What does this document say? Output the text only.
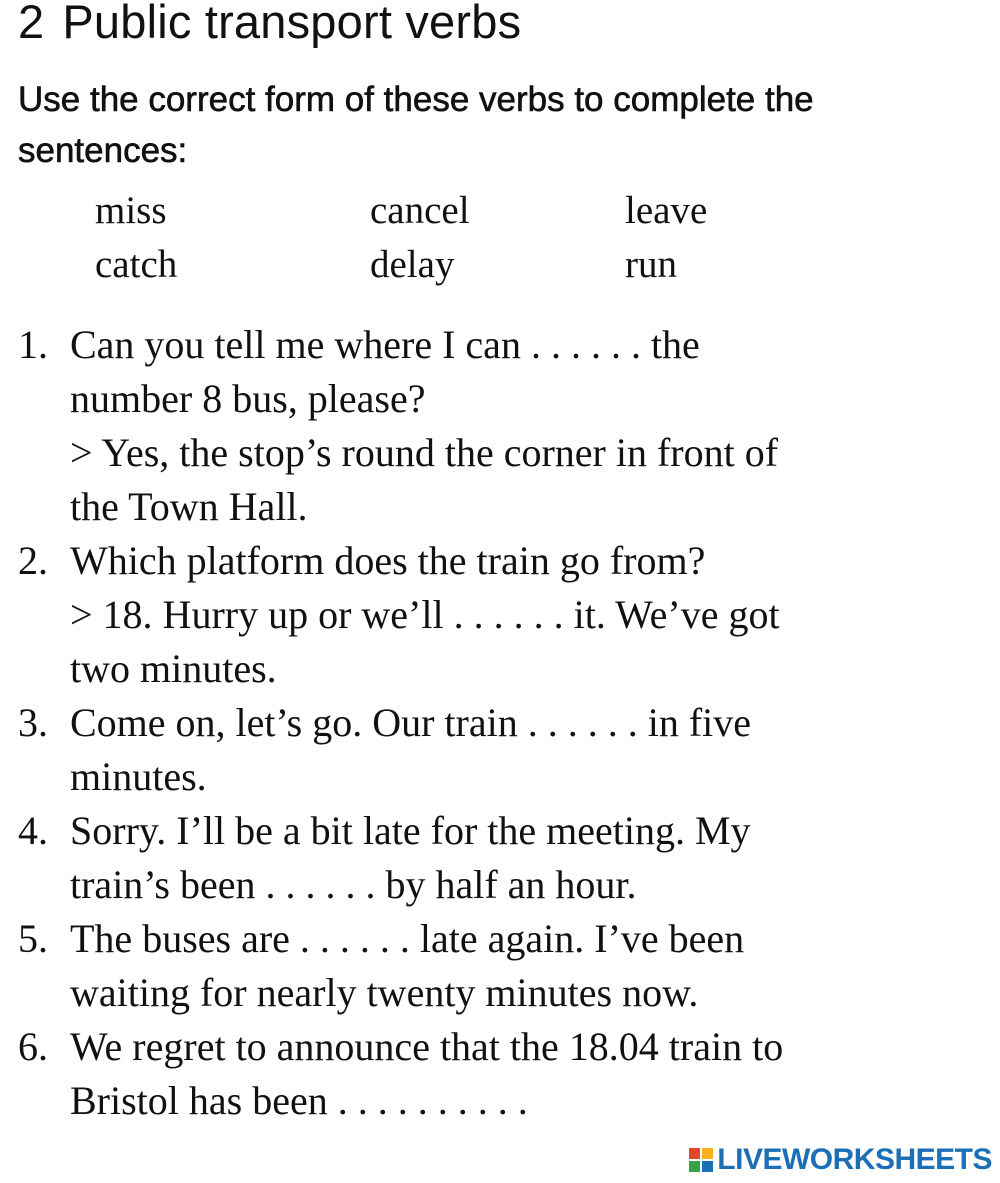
2 Public transport verbs

Use the correct form of these verbs to complete the sentences:

miss	cancel	leave
catch	delay	run
1. Can you tell me where I can . . . . . . the
number 8 bus, please?
> Yes, the stop’s round the corner in front of
the Town Hall.
2. Which platform does the train go from?
> 18. Hurry up or we’ll . . . . . . it. We’ve got
two minutes.
3. Come on, let’s go. Our train . . . . . . in five
minutes.
4. Sorry. I’ll be a bit late for the meeting. My
train’s been . . . . . . by half an hour.
5. The buses are . . . . . . late again. I’ve been
waiting for nearly twenty minutes now.
6. We regret to announce that the 18.04 train to
Bristol has been . . . . . . . . . .
LIVEWORKSHEETS
